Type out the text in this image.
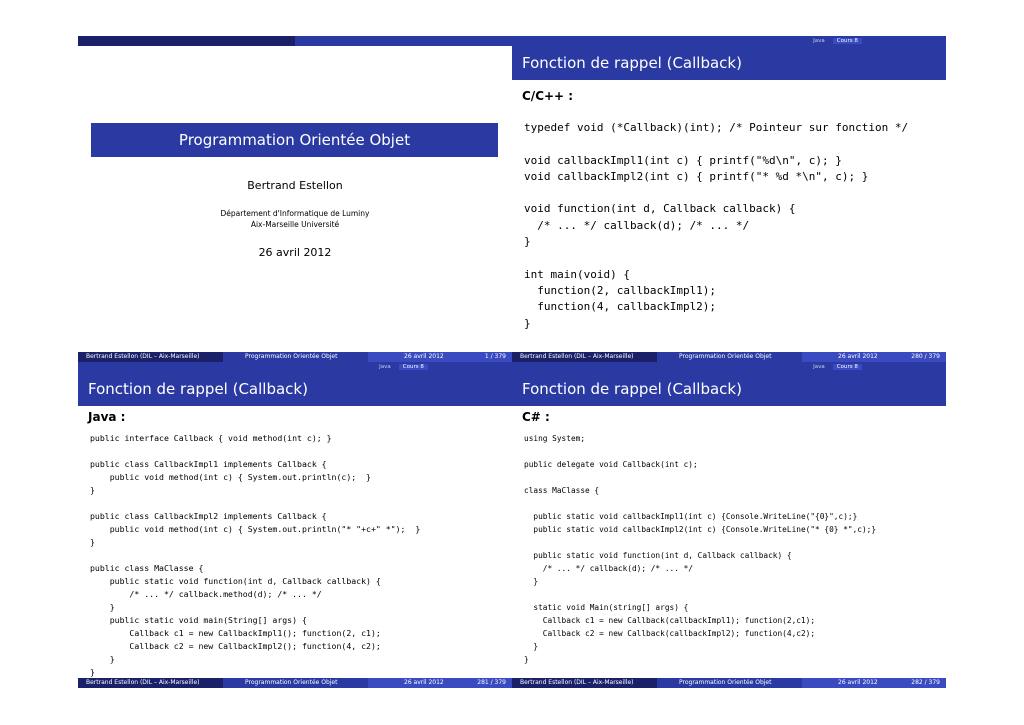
Programmation Orientée Objet
Bertrand Estellon
Département d'Informatique de Luminy
Aix-Marseille Université
26 avril 2012
Bertrand Estellon (DIL – Aix-Marseille)	Programmation Orientée Objet	26 avril 2012	1 / 379
Java	Cours 8
Fonction de rappel (Callback)
C/C++ :
typedef void (*Callback)(int); /* Pointeur sur fonction */

void callbackImpl1(int c) { printf("%d\n", c); }
void callbackImpl2(int c) { printf("* %d *\n", c); }

void function(int d, Callback callback) {
/* ... */ callback(d); /* ... */
}

int main(void) {
function(2, callbackImpl1);
function(4, callbackImpl2);
}
Bertrand Estellon (DIL – Aix-Marseille)	Programmation Orientée Objet	26 avril 2012	280 / 379
Java	Cours 8
Fonction de rappel (Callback)
Java :
public interface Callback { void method(int c); }

public class CallbackImpl1 implements Callback {
public void method(int c) { System.out.println(c);  }
}

public class CallbackImpl2 implements Callback {
public void method(int c) { System.out.println("* "+c+" *");  }
}

public class MaClasse {
public static void function(int d, Callback callback) {
/* ... */ callback.method(d); /* ... */
}
public static void main(String[] args) {
Callback c1 = new CallbackImpl1(); function(2, c1);
Callback c2 = new CallbackImpl2(); function(4, c2);
}
}
Bertrand Estellon (DIL – Aix-Marseille)	Programmation Orientée Objet	26 avril 2012	281 / 379
Java	Cours 8
Fonction de rappel (Callback)
C# :
using System;

public delegate void Callback(int c);

class MaClasse {

public static void callbackImpl1(int c) {Console.WriteLine("{0}",c);}
public static void callbackImpl2(int c) {Console.WriteLine("* {0} *",c);}

public static void function(int d, Callback callback) {
/* ... */ callback(d); /* ... */
}

static void Main(string[] args) {
Callback c1 = new Callback(callbackImpl1); function(2,c1);
Callback c2 = new Callback(callbackImpl2); function(4,c2);
}
}
Bertrand Estellon (DIL – Aix-Marseille)	Programmation Orientée Objet	26 avril 2012	282 / 379
